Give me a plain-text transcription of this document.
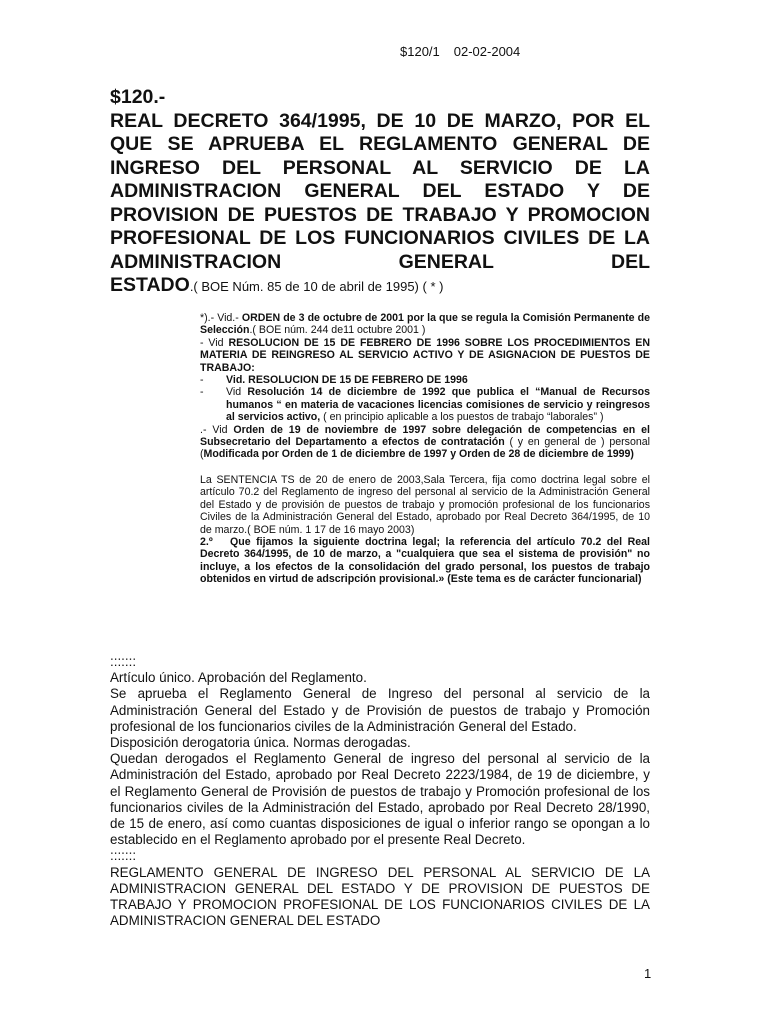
$120/1 02-02-2004
$120.-
REAL DECRETO 364/1995, DE 10 DE MARZO, POR EL QUE SE APRUEBA EL REGLAMENTO GENERAL DE INGRESO DEL PERSONAL AL SERVICIO DE LA ADMINISTRACION GENERAL DEL ESTADO Y DE PROVISION DE PUESTOS DE TRABAJO Y PROMOCION PROFESIONAL DE LOS FUNCIONARIOS CIVILES DE LA ADMINISTRACION GENERAL DEL
ESTADO.( BOE Núm. 85 de 10 de abril de 1995) ( * )

*).- Vid.- ORDEN de 3 de octubre de 2001 por la que se regula la Comisión Permanente de Selección.( BOE núm. 244 de11 octubre 2001 )

- Vid RESOLUCION DE 15 DE FEBRERO DE 1996 SOBRE LOS PROCEDIMIENTOS EN MATERIA DE REINGRESO AL SERVICIO ACTIVO Y DE ASIGNACION DE PUESTOS DE TRABAJO:

-	Vid. RESOLUCION DE 15 DE FEBRERO DE 1996
-	Vid Resolución 14 de diciembre de 1992 que publica el “Manual de Recursos humanos “ en materia de vacaciones licencias comisiones de servicio y reingresos al servicios activo, ( en principio aplicable a los puestos de trabajo “laborales” )

.- Vid Orden de 19 de noviembre de 1997 sobre delegación de competencias en el Subsecretario del Departamento a efectos de contratación ( y en general de ) personal (Modificada por Orden de 1 de diciembre de 1997 y Orden de 28 de diciembre de 1999)

La SENTENCIA TS de 20 de enero de 2003,Sala Tercera, fija como doctrina legal sobre el artículo 70.2 del Reglamento de ingreso del personal al servicio de la Administración General del Estado y de provisión de puestos de trabajo y promoción profesional de los funcionarios Civiles de la Administración General del Estado, aprobado por Real Decreto 364/1995, de 10 de marzo.( BOE núm. 1 17 de 16 mayo 2003)

2.º Que fijamos la siguiente doctrina legal; la referencia del artículo 70.2 del Real Decreto 364/1995, de 10 de marzo, a "cualquiera que sea el sistema de provisión" no incluye, a los efectos de la consolidación del grado personal, los puestos de trabajo obtenidos en virtud de adscripción provisional.» (Este tema es de carácter funcionarial)

:::::::

Artículo único. Aprobación del Reglamento.

Se aprueba el Reglamento General de Ingreso del personal al servicio de la Administración General del Estado y de Provisión de puestos de trabajo y Promoción profesional de los funcionarios civiles de la Administración General del Estado.

Disposición derogatoria única. Normas derogadas.

Quedan derogados el Reglamento General de ingreso del personal al servicio de la Administración del Estado, aprobado por Real Decreto 2223/1984, de 19 de diciembre, y el Reglamento General de Provisión de puestos de trabajo y Promoción profesional de los funcionarios civiles de la Administración del Estado, aprobado por Real Decreto 28/1990, de 15 de enero, así como cuantas disposiciones de igual o inferior rango se opongan a lo establecido en el Reglamento aprobado por el presente Real Decreto.

:::::::

REGLAMENTO GENERAL DE INGRESO DEL PERSONAL AL SERVICIO DE LA ADMINISTRACION GENERAL DEL ESTADO Y DE PROVISION DE PUESTOS DE TRABAJO Y PROMOCION PROFESIONAL DE LOS FUNCIONARIOS CIVILES DE LA ADMINISTRACION GENERAL DEL ESTADO

1
